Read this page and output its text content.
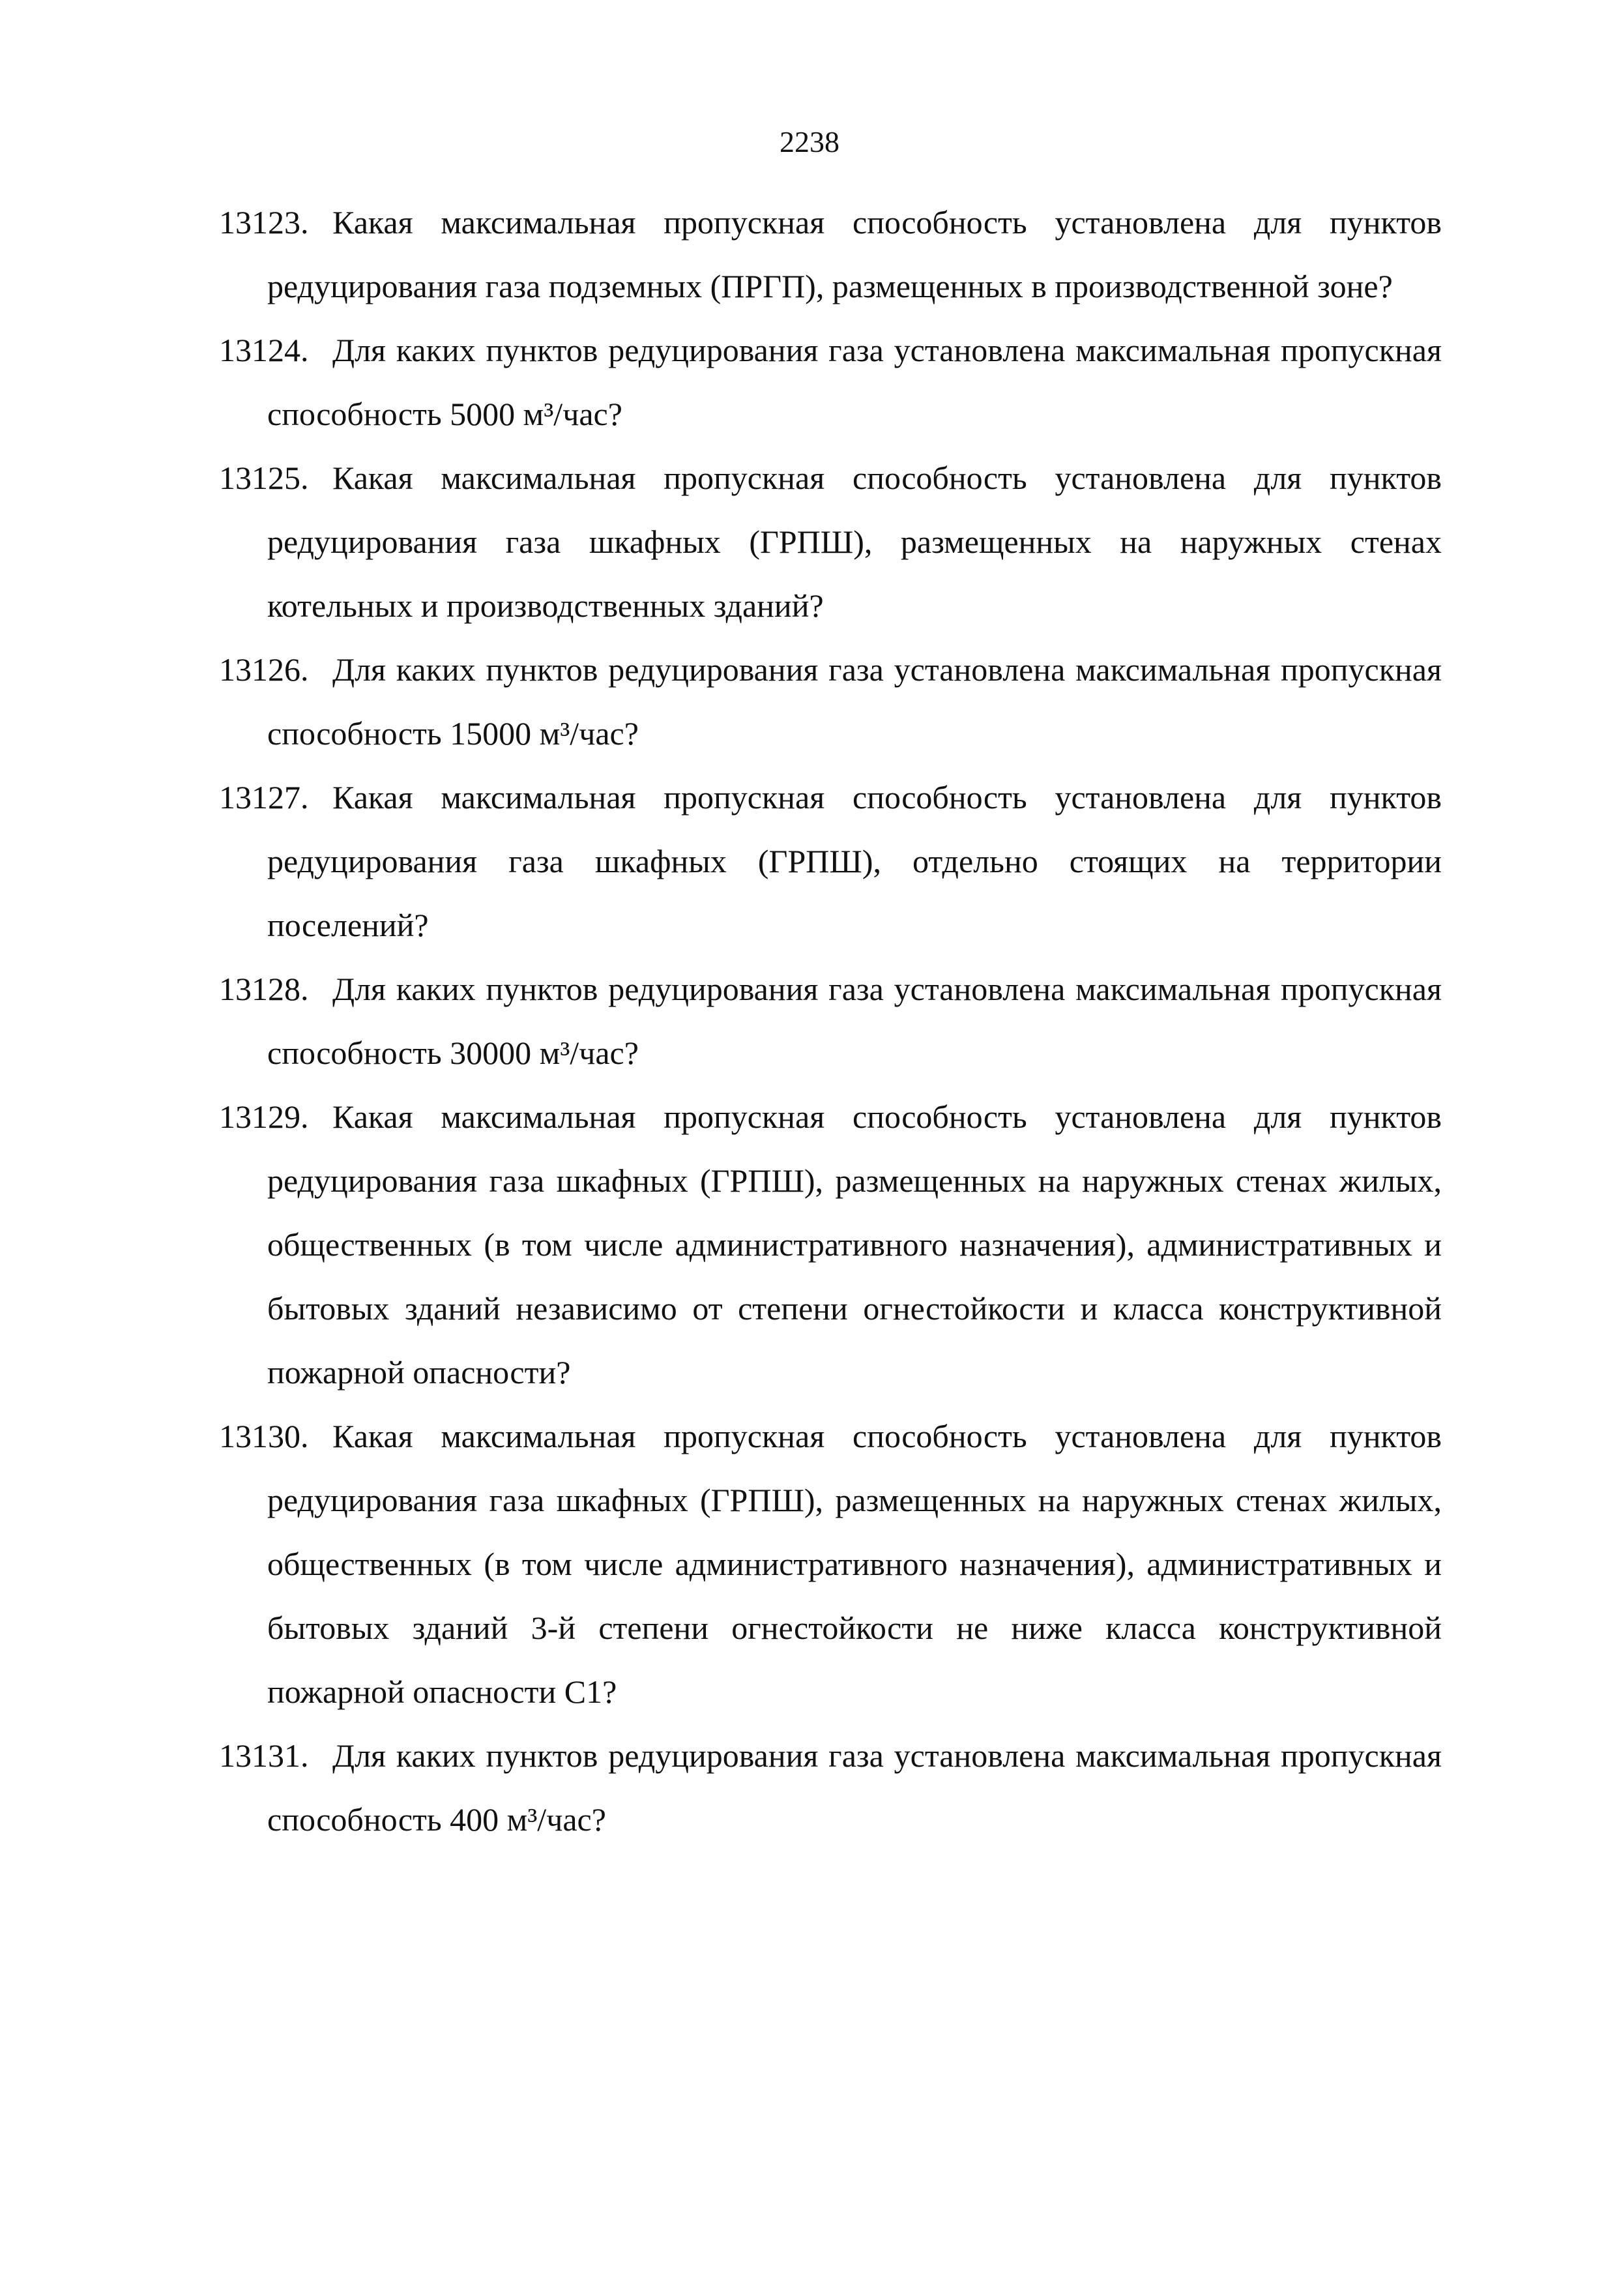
2238
13123. Какая максимальная пропускная способность установлена для пунктов редуцирования газа подземных (ПРГП), размещенных в производственной зоне?
13124. Для каких пунктов редуцирования газа установлена максимальная пропускная способность 5000 м³/час?
13125. Какая максимальная пропускная способность установлена для пунктов редуцирования газа шкафных (ГРПШ), размещенных на наружных стенах котельных и производственных зданий?
13126. Для каких пунктов редуцирования газа установлена максимальная пропускная способность 15000 м³/час?
13127. Какая максимальная пропускная способность установлена для пунктов редуцирования газа шкафных (ГРПШ), отдельно стоящих на территории поселений?
13128. Для каких пунктов редуцирования газа установлена максимальная пропускная способность 30000 м³/час?
13129. Какая максимальная пропускная способность установлена для пунктов редуцирования газа шкафных (ГРПШ), размещенных на наружных стенах жилых, общественных (в том числе административного назначения), административных и бытовых зданий независимо от степени огнестойкости и класса конструктивной пожарной опасности?
13130. Какая максимальная пропускная способность установлена для пунктов редуцирования газа шкафных (ГРПШ), размещенных на наружных стенах жилых, общественных (в том числе административного назначения), административных и бытовых зданий 3-й степени огнестойкости не ниже класса конструктивной пожарной опасности С1?
13131. Для каких пунктов редуцирования газа установлена максимальная пропускная способность 400 м³/час?
